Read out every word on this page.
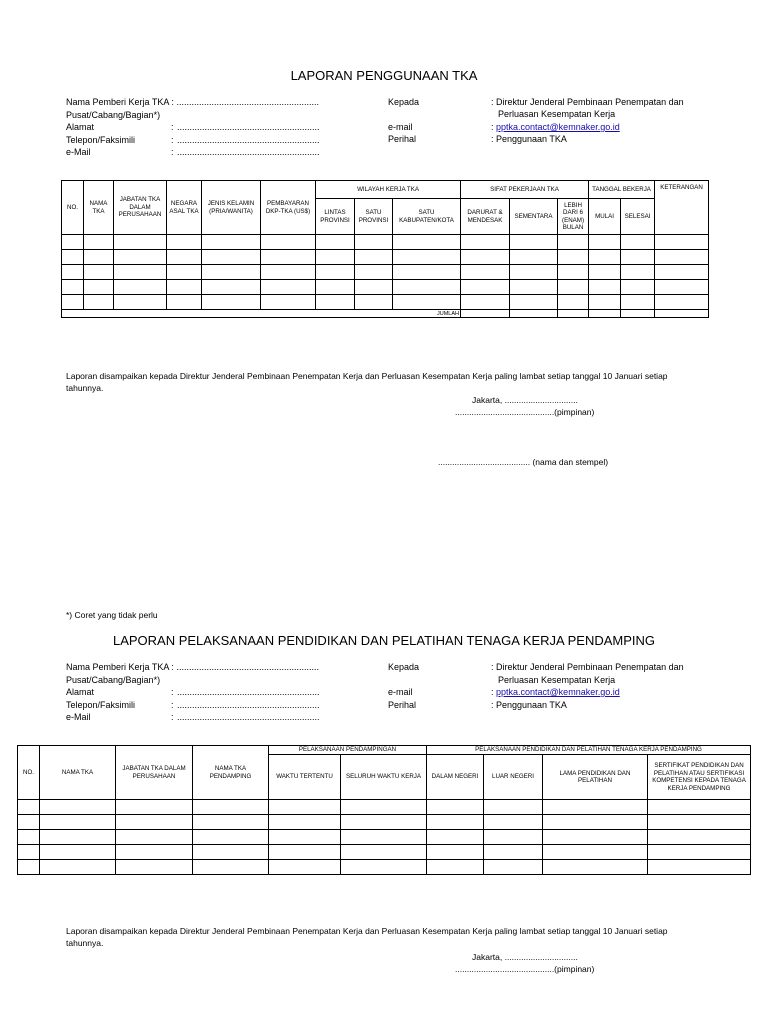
LAPORAN PENGGUNAAN TKA
Nama Pemberi Kerja TKA : .........................................................
Pusat/Cabang/Bagian*)
Alamat	: .........................................................
Telepon/Faksimili	: .........................................................
e-Mail	: .........................................................
Kepada	: Direktur Jenderal Pembinaan Penempatan dan
Perluasan Kesempatan Kerja
e-mail	: pptka.contact@kemnaker.go.id
Perihal	: Penggunaan TKA
NO.	NAMA TKA	JABATAN TKA DALAM PERUSAHAAN	NEGARA ASAL TKA	JENIS KELAMIN (PRIA/WANITA)	PEMBAYARAN DKP-TKA (US$)	WILAYAH KERJA TKA			SIFAT PEKERJAAN TKA			TANGGAL BEKERJA		KETERANGAN
						LINTAS PROVINSI	SATU PROVINSI	SATU KABUPATEN/KOTA	DARURAT & MENDESAK	SEMENTARA	LEBIH DARI 6 (ENAM) BULAN	MULAI	SELESAI	

JUMLAH														
Laporan disampaikan kepada Direktur Jenderal Pembinaan Penempatan Kerja dan Perluasan Kesempatan Kerja paling lambat setiap tanggal 10 Januari setiap tahunnya.
Jakarta, ...............................
..........................................(pimpinan)
....................................... (nama dan stempel)
*) Coret yang tidak perlu
LAPORAN PELAKSANAAN PENDIDIKAN DAN PELATIHAN TENAGA KERJA PENDAMPING
Nama Pemberi Kerja TKA : .........................................................
Pusat/Cabang/Bagian*)
Alamat	: .........................................................
Telepon/Faksimili	: .........................................................
e-Mail	: .........................................................
Kepada	: Direktur Jenderal Pembinaan Penempatan dan
Perluasan Kesempatan Kerja
e-mail	: pptka.contact@kemnaker.go.id
Perihal	: Penggunaan TKA
NO.	NAMA TKA	JABATAN TKA DALAM PERUSAHAAN	NAMA TKA PENDAMPING	PELAKSANAAN PENDAMPINGAN		PELAKSANAAN PENDIDIKAN DAN PELATIHAN TENAGA KERJA PENDAMPING			
				WAKTU TERTENTU	SELURUH WAKTU KERJA	DALAM NEGERI	LUAR NEGERI	LAMA PENDIDIKAN DAN PELATIHAN	SERTIFIKAT PENDIDIKAN DAN PELATIHAN ATAU SERTIFIKASI KOMPETENSI KEPADA TENAGA KERJA PENDAMPING

Laporan disampaikan kepada Direktur Jenderal Pembinaan Penempatan Kerja dan Perluasan Kesempatan Kerja paling lambat setiap tanggal 10 Januari setiap tahunnya.
Jakarta, ...............................
..........................................(pimpinan)
